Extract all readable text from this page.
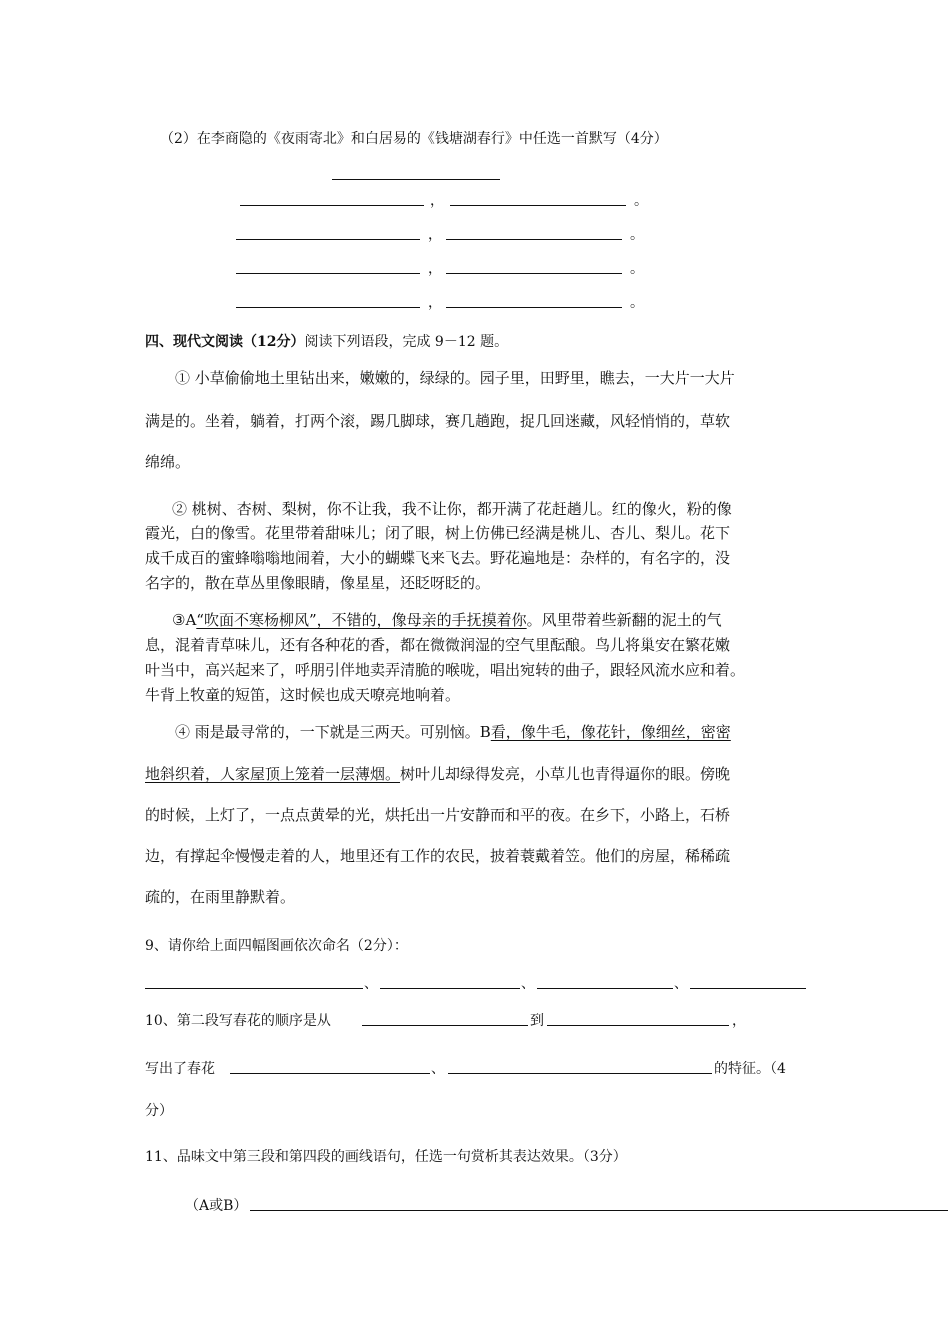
（2）在李商隐的《夜雨寄北》和白居易的《钱塘湖春行》中任选一首默写（4分）
，	。
，	。
，	。
，	。
四、现代文阅读（12分）阅读下列语段，完成 9－12 题。
① 小草偷偷地土里钻出来，嫩嫩的，绿绿的。园子里，田野里，瞧去，一大片一大片
满是的。坐着，躺着，打两个滚，踢几脚球，赛几趟跑，捉几回迷藏，风轻悄悄的，草软
绵绵。
② 桃树、杏树、梨树，你不让我，我不让你，都开满了花赶趟儿。红的像火，粉的像
霞光，白的像雪。花里带着甜味儿；闭了眼，树上仿佛已经满是桃儿、杏儿、梨儿。花下
成千成百的蜜蜂嗡嗡地闹着，大小的蝴蝶飞来飞去。野花遍地是：杂样的，有名字的，没
名字的，散在草丛里像眼睛，像星星，还眨呀眨的。
③A“吹面不寒杨柳风”，不错的，像母亲的手抚摸着你。风里带着些新翻的泥土的气
息，混着青草味儿，还有各种花的香，都在微微润湿的空气里酝酿。鸟儿将巢安在繁花嫩
叶当中，高兴起来了，呼朋引伴地卖弄清脆的喉咙，唱出宛转的曲子，跟轻风流水应和着。
牛背上牧童的短笛，这时候也成天嘹亮地响着。
④ 雨是最寻常的，一下就是三两天。可别恼。B看，像牛毛，像花针，像细丝，密密
地斜织着，人家屋顶上笼着一层薄烟。树叶儿却绿得发亮，小草儿也青得逼你的眼。傍晚
的时候，上灯了，一点点黄晕的光，烘托出一片安静而和平的夜。在乡下，小路上，石桥
边，有撑起伞慢慢走着的人，地里还有工作的农民，披着蓑戴着笠。他们的房屋，稀稀疏
疏的，在雨里静默着。
9、请你给上面四幅图画依次命名（2分）：
、	、	、
10、第二段写春花的顺序是从	到	，
写出了春花	、	的特征。（4
分）
11、品味文中第三段和第四段的画线语句，任选一句赏析其表达效果。（3分）
（A或B）
